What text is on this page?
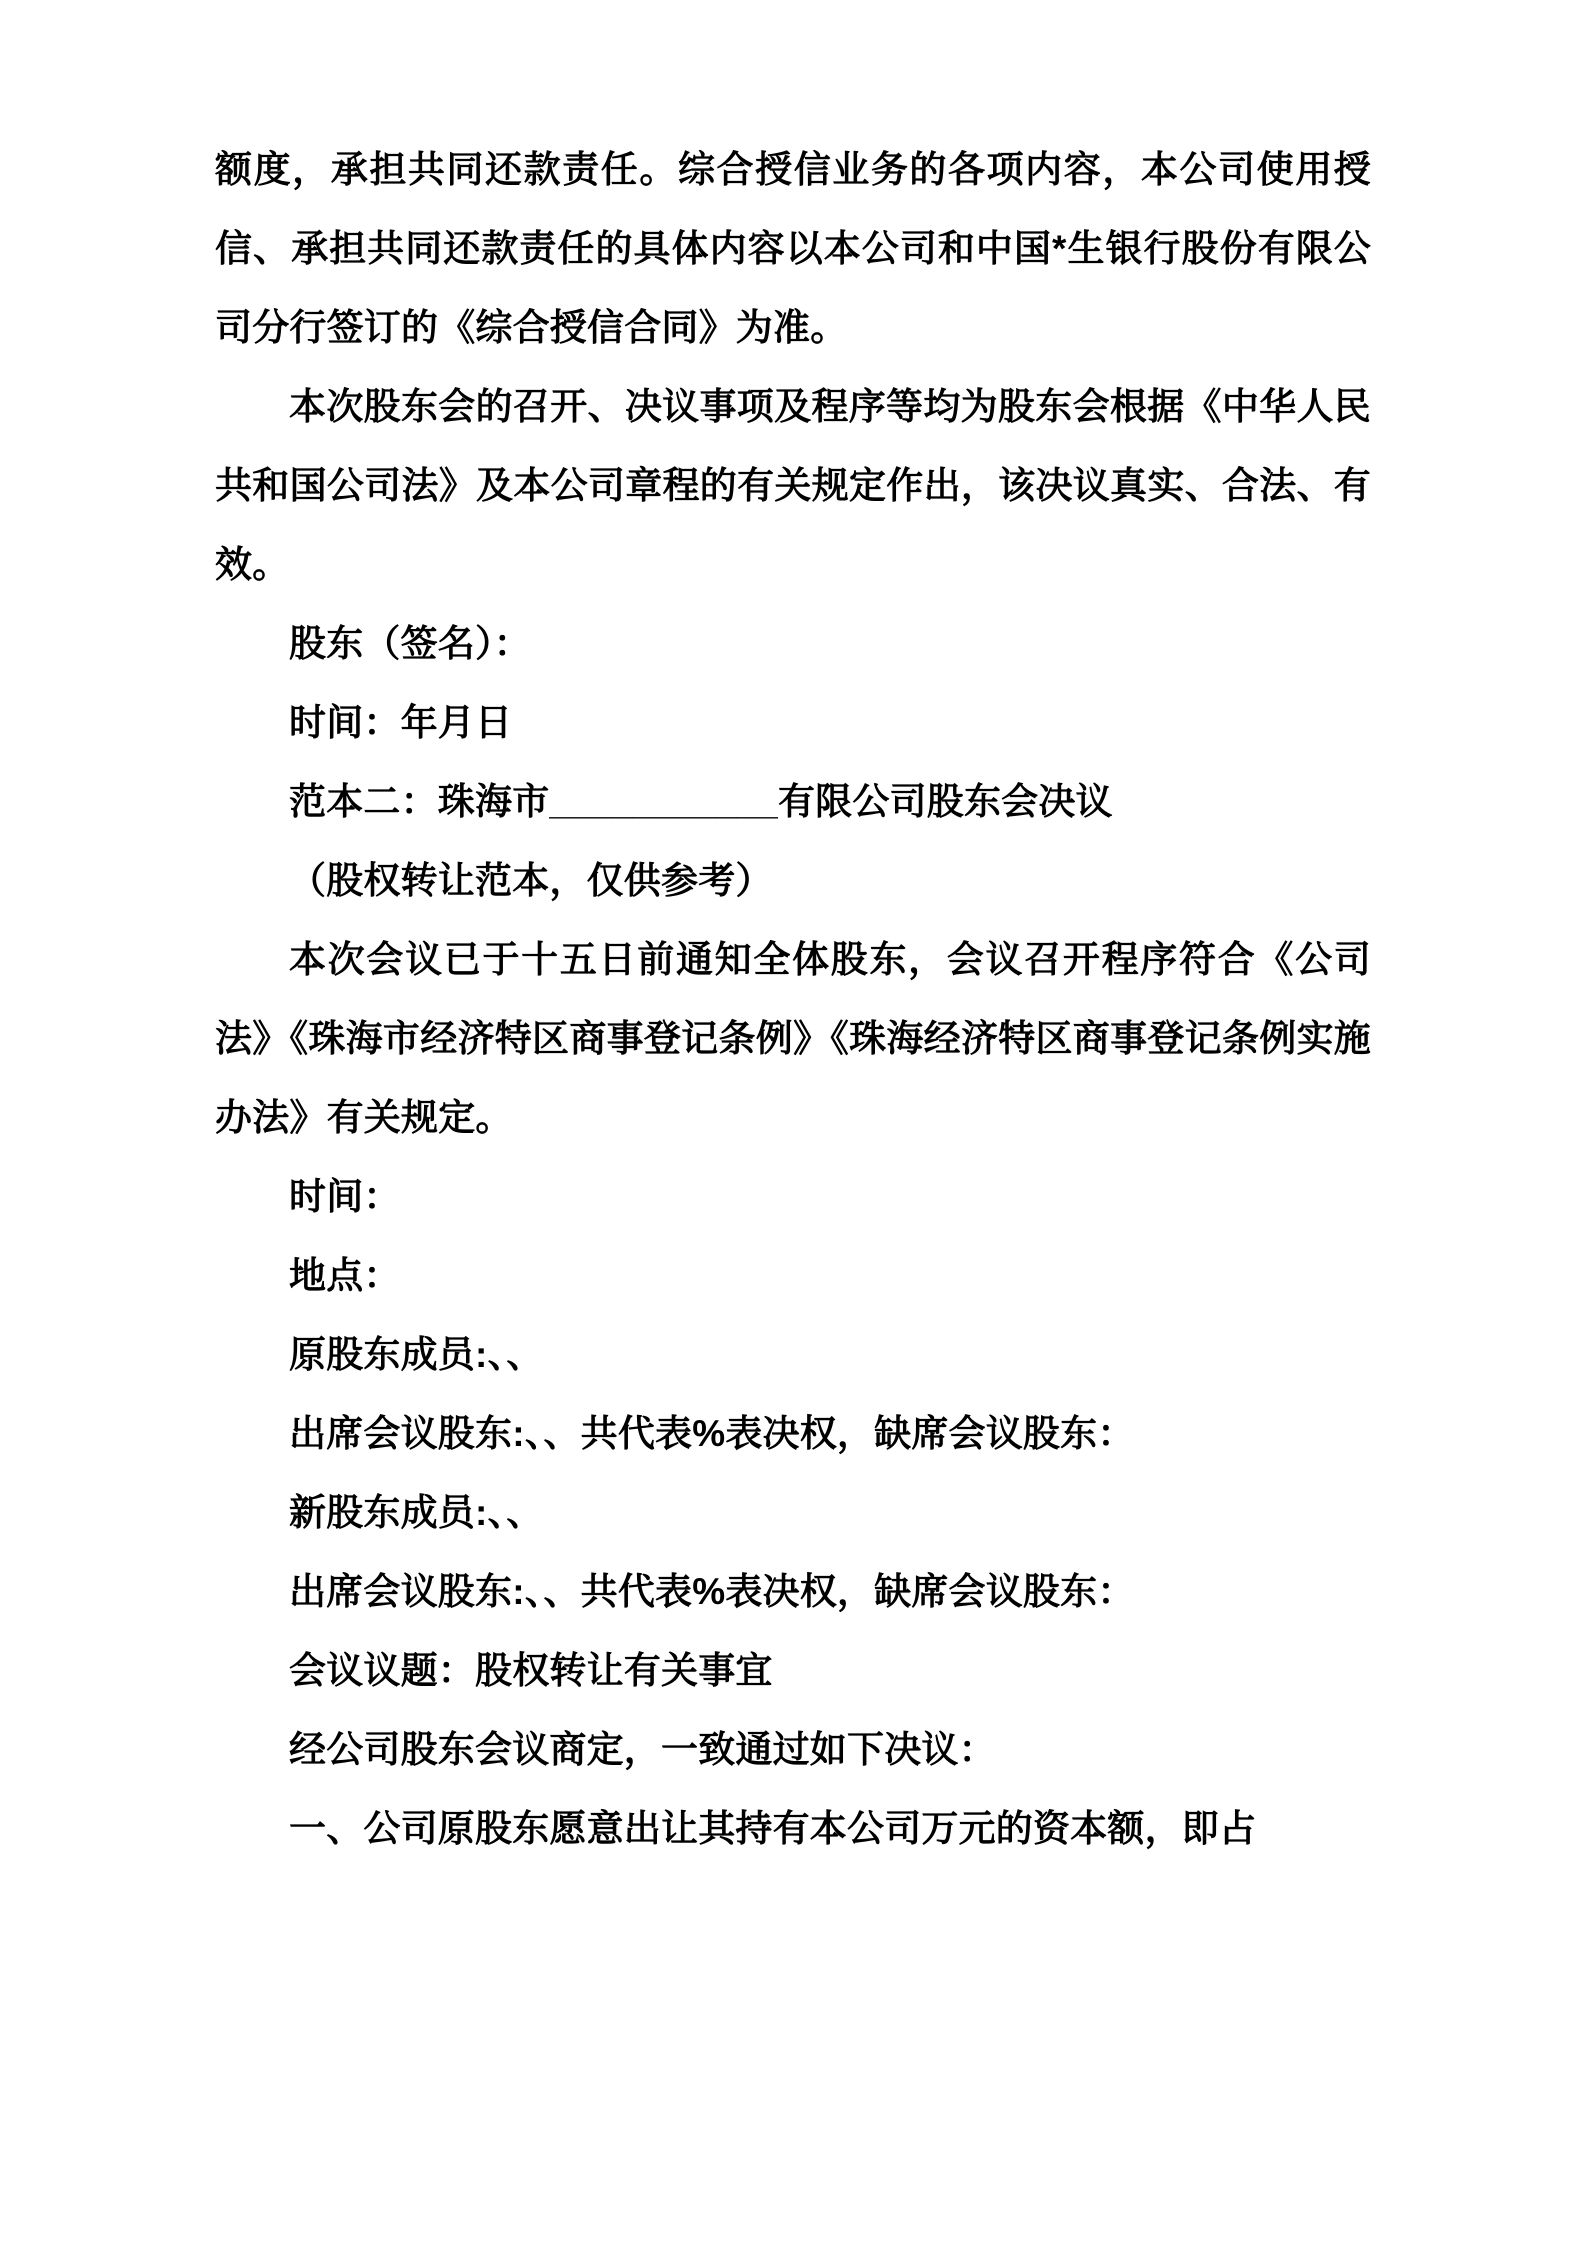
额度，承担共同还款责任。综合授信业务的各项内容，本公司使用授信、承担共同还款责任的具体内容以本公司和中国*生银行股份有限公司分行签订的《综合授信合同》为准。

本次股东会的召开、决议事项及程序等均为股东会根据《中华人民共和国公司法》及本公司章程的有关规定作出，该决议真实、合法、有效。

股东（签名）：

时间：年月日

范本二：珠海市___________有限公司股东会决议

（股权转让范本，仅供参考）

本次会议已于十五日前通知全体股东，会议召开程序符合《公司法》《珠海市经济特区商事登记条例》《珠海经济特区商事登记条例实施办法》有关规定。

时间：

地点：

原股东成员:、、

出席会议股东:、、共代表%表决权，缺席会议股东：

新股东成员:、、

出席会议股东:、、共代表%表决权，缺席会议股东：

会议议题：股权转让有关事宜

经公司股东会议商定，一致通过如下决议：

一、公司原股东愿意出让其持有本公司万元的资本额，即占
